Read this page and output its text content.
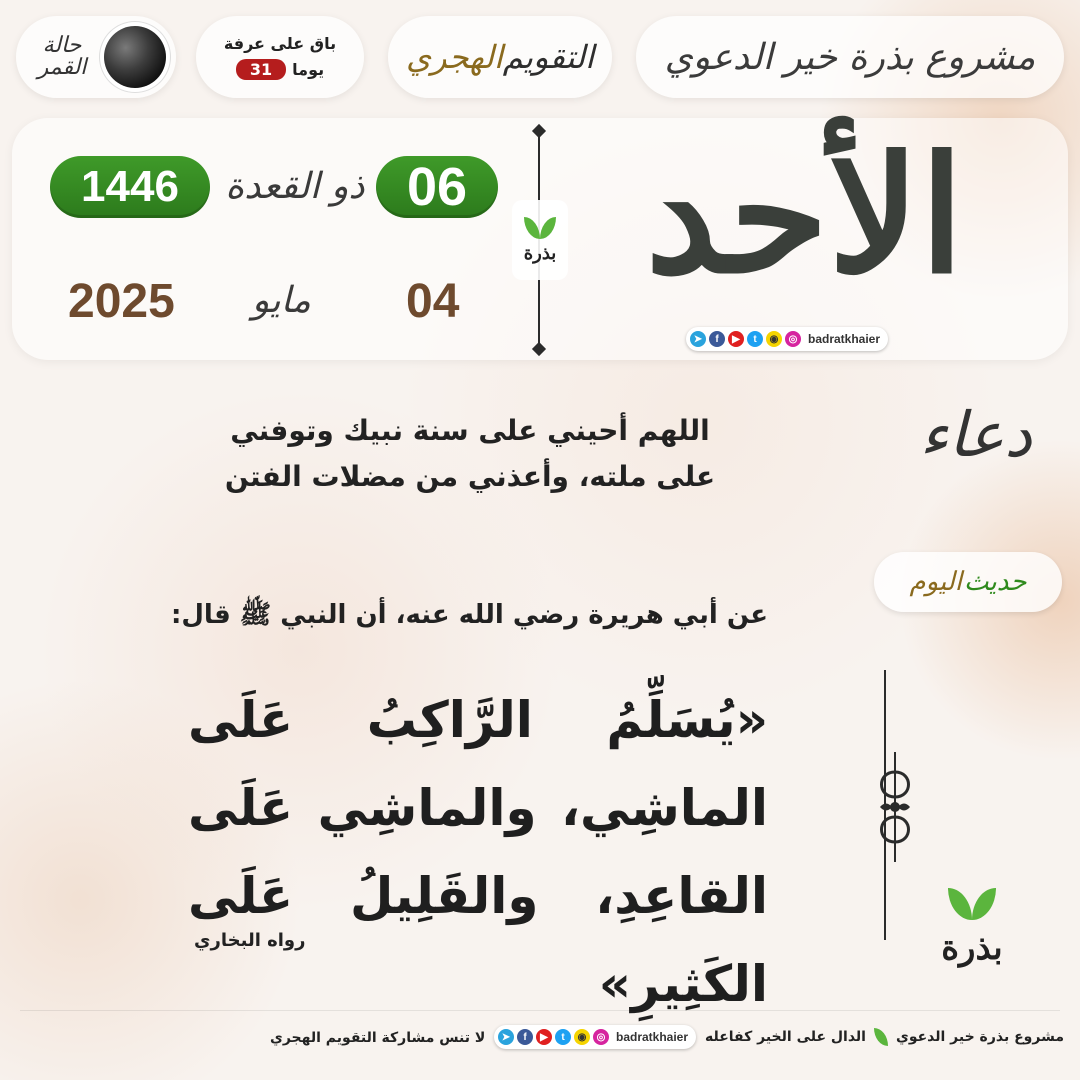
مشروع بذرة خير الدعوي
الهجري التقويم
باق على عرفة
يوما
31
حالة القمر
الأحد
بذرة
06
ذو القعدة
1446
04
مايو
2025
➤	f	▶	t	◉	◎ badratkhaier
دعاء
اللهم أحيني على سنة نبيك وتوفني
على ملته، وأعذني من مضلات الفتن
حديث
اليوم
عن أبي هريرة رضي الله عنه، أن النبي ﷺ قال:
«يُسَلِّمُ الرَّاكِبُ عَلَى الماشِي، والماشِي عَلَى القاعِدِ، والقَلِيلُ عَلَى الكَثِيرِ»
رواه البخاري	بذرة
مشروع بذرة خير الدعوي
الدال على الخير كفاعله
➤	f	▶	t	◉	◎ badratkhaier
لا تنس مشاركة التقويم الهجري
